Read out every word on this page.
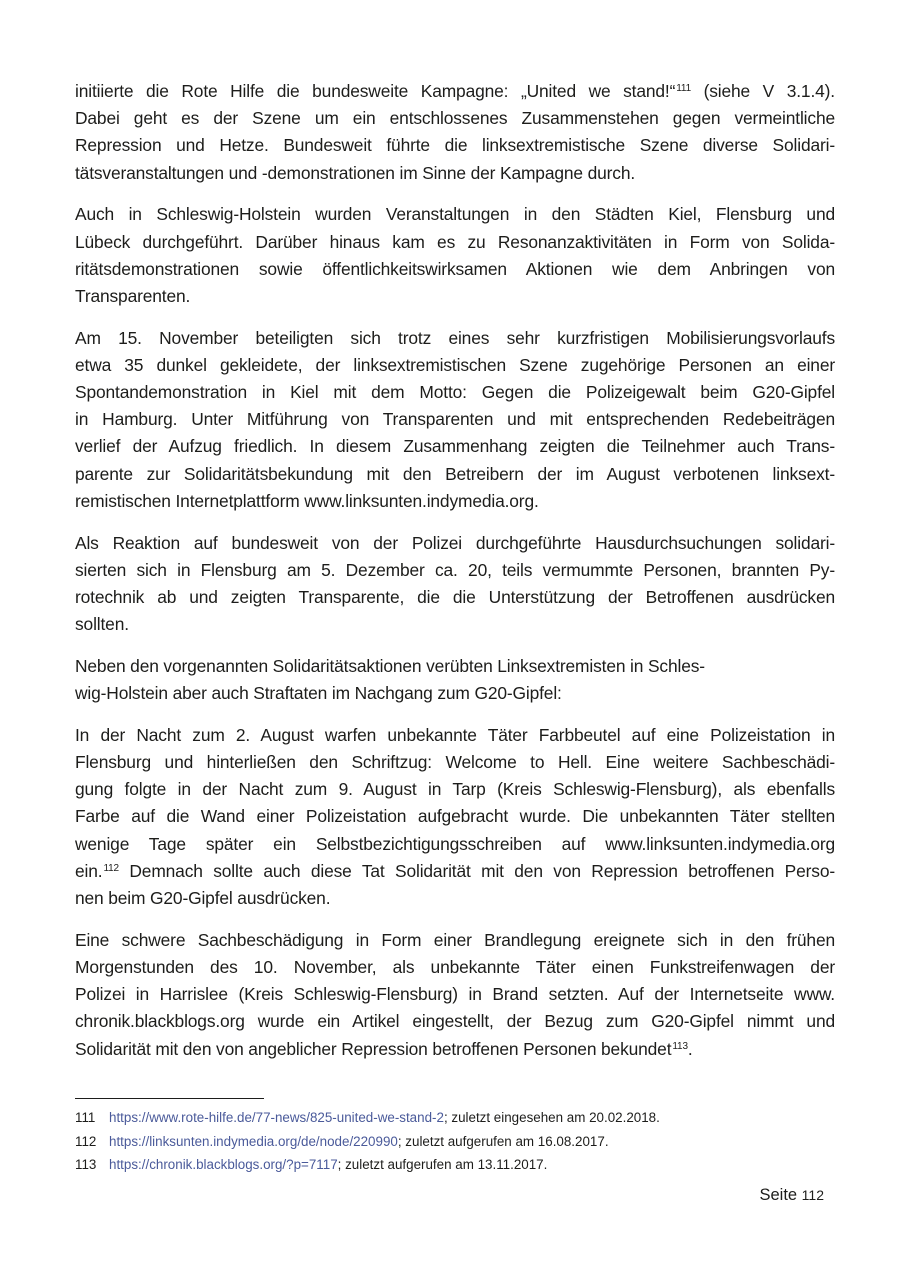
initiierte die Rote Hilfe die bundesweite Kampagne: „United we stand!“$^{111}$ (siehe V 3.1.4).
Dabei geht es der Szene um ein entschlossenes Zusammenstehen gegen vermeintliche
Repression und Hetze. Bundesweit führte die linksextremistische Szene diverse Solidari-
tätsveranstaltungen und -demonstrationen im Sinne der Kampagne durch.

Auch in Schleswig-Holstein wurden Veranstaltungen in den Städten Kiel, Flensburg und
Lübeck durchgeführt. Darüber hinaus kam es zu Resonanzaktivitäten in Form von Solida-
ritätsdemonstrationen sowie öffentlichkeitswirksamen Aktionen wie dem Anbringen von
Transparenten.

Am 15. November beteiligten sich trotz eines sehr kurzfristigen Mobilisierungsvorlaufs
etwa 35 dunkel gekleidete, der linksextremistischen Szene zugehörige Personen an einer
Spontandemonstration in Kiel mit dem Motto: Gegen die Polizeigewalt beim G20-Gipfel
in Hamburg. Unter Mitführung von Transparenten und mit entsprechenden Redebeiträgen
verlief der Aufzug friedlich. In diesem Zusammenhang zeigten die Teilnehmer auch Trans-
parente zur Solidaritätsbekundung mit den Betreibern der im August verbotenen linksext-
remistischen Internetplattform www.linksunten.indymedia.org.

Als Reaktion auf bundesweit von der Polizei durchgeführte Hausdurchsuchungen solidari-
sierten sich in Flensburg am 5. Dezember ca. 20, teils vermummte Personen, brannten Py-
rotechnik ab und zeigten Transparente, die die Unterstützung der Betroffenen ausdrücken
sollten.

Neben den vorgenannten Solidaritätsaktionen verübten Linksextremisten in Schles-
wig-Holstein aber auch Straftaten im Nachgang zum G20-Gipfel:

In der Nacht zum 2. August warfen unbekannte Täter Farbbeutel auf eine Polizeistation in
Flensburg und hinterließen den Schriftzug: Welcome to Hell. Eine weitere Sachbeschädi-
gung folgte in der Nacht zum 9. August in Tarp (Kreis Schleswig-Flensburg), als ebenfalls
Farbe auf die Wand einer Polizeistation aufgebracht wurde. Die unbekannten Täter stellten
wenige Tage später ein Selbstbezichtigungsschreiben auf www.linksunten.indymedia.org
ein.$^{112}$ Demnach sollte auch diese Tat Solidarität mit den von Repression betroffenen Perso-
nen beim G20-Gipfel ausdrücken.

Eine schwere Sachbeschädigung in Form einer Brandlegung ereignete sich in den frühen
Morgenstunden des 10. November, als unbekannte Täter einen Funkstreifenwagen der
Polizei in Harrislee (Kreis Schleswig-Flensburg) in Brand setzten. Auf der Internetseite www.
chronik.blackblogs.org wurde ein Artikel eingestellt, der Bezug zum G20-Gipfel nimmt und
Solidarität mit den von angeblicher Repression betroffenen Personen bekundet$^{113}$.

111 https://www.rote-hilfe.de/77-news/825-united-we-stand-2; zuletzt eingesehen am 20.02.2018.
112 https://linksunten.indymedia.org/de/node/220990; zuletzt aufgerufen am 16.08.2017.
113 https://chronik.blackblogs.org/?p=7117; zuletzt aufgerufen am 13.11.2017.
Seite 112
